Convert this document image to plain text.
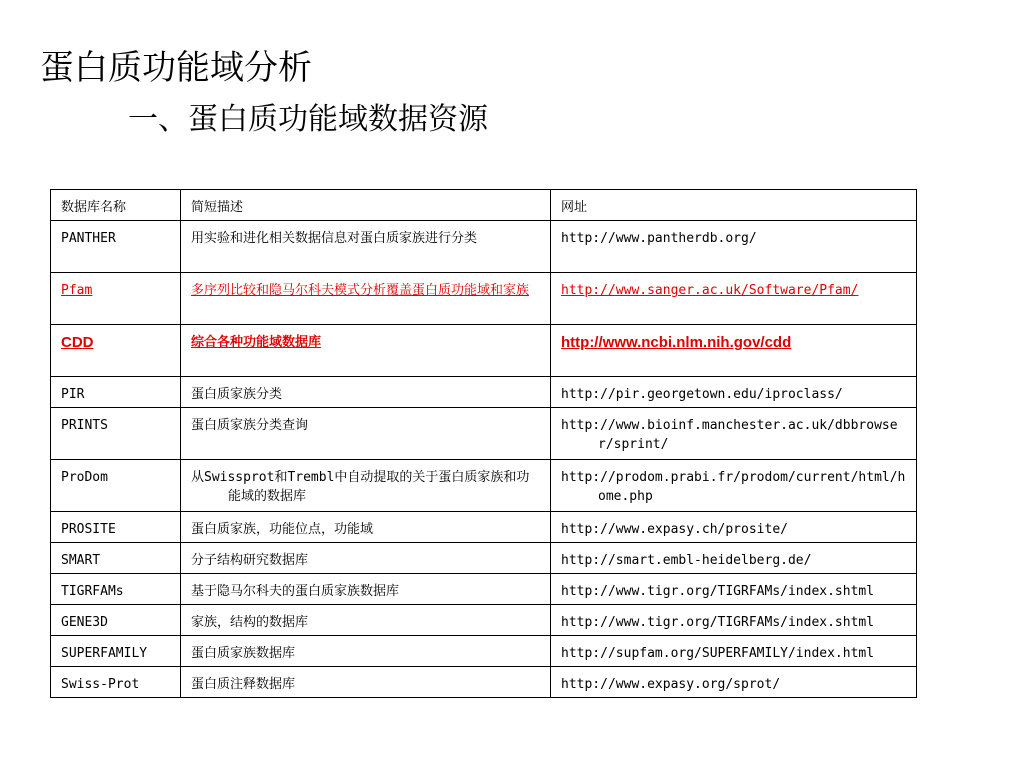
蛋白质功能域分析
一、蛋白质功能域数据资源
数据库名称	简短描述	网址
PANTHER	用实验和进化相关数据信息对蛋白质家族进行分类	http://www.pantherdb.org/
Pfam	多序列比较和隐马尔科夫模式分析覆盖蛋白质功能域和家族	http://www.sanger.ac.uk/Software/Pfam/
CDD	综合各种功能域数据库	http://www.ncbi.nlm.nih.gov/cdd
PIR	蛋白质家族分类	http://pir.georgetown.edu/iproclass/
PRINTS	蛋白质家族分类查询	http://www.bioinf.manchester.ac.uk/dbbrowser/sprint/
ProDom	从Swissprot和Trembl中自动提取的关于蛋白质家族和功能域的数据库	http://prodom.prabi.fr/prodom/current/html/home.php
PROSITE	蛋白质家族，功能位点，功能域	http://www.expasy.ch/prosite/
SMART	分子结构研究数据库	http://smart.embl-heidelberg.de/
TIGRFAMs	基于隐马尔科夫的蛋白质家族数据库	http://www.tigr.org/TIGRFAMs/index.shtml
GENE3D	家族，结构的数据库	http://www.tigr.org/TIGRFAMs/index.shtml
SUPERFAMILY	蛋白质家族数据库	http://supfam.org/SUPERFAMILY/index.html
Swiss-Prot	蛋白质注释数据库	http://www.expasy.org/sprot/
